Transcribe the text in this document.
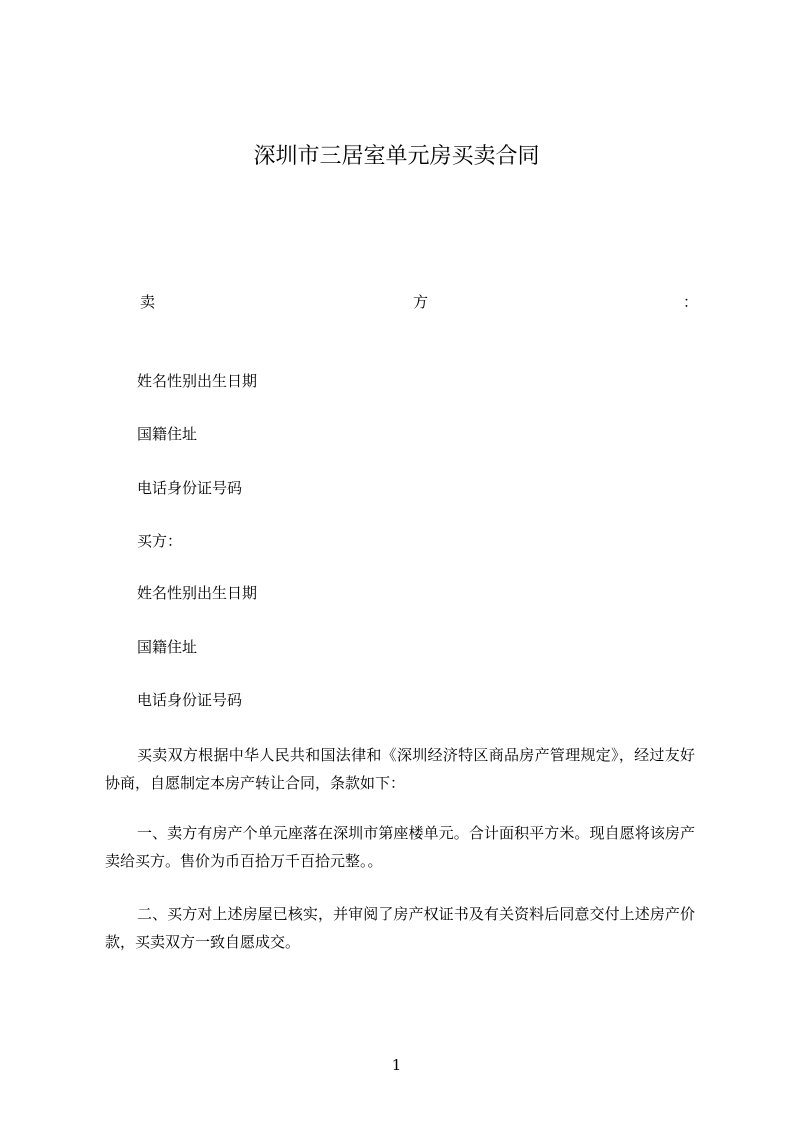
深圳市三居室单元房买卖合同
卖	方	：
姓名性别出生日期
国籍住址
电话身份证号码
买方：
姓名性别出生日期
国籍住址
电话身份证号码
买卖双方根据中华人民共和国法律和《深圳经济特区商品房产管理规定》，经过友好协商，自愿制定本房产转让合同，条款如下：
一、卖方有房产个单元座落在深圳市第座楼单元。合计面积平方米。现自愿将该房产卖给买方。售价为币百拾万千百拾元整。。
二、买方对上述房屋已核实，并审阅了房产权证书及有关资料后同意交付上述房产价款，买卖双方一致自愿成交。
1
